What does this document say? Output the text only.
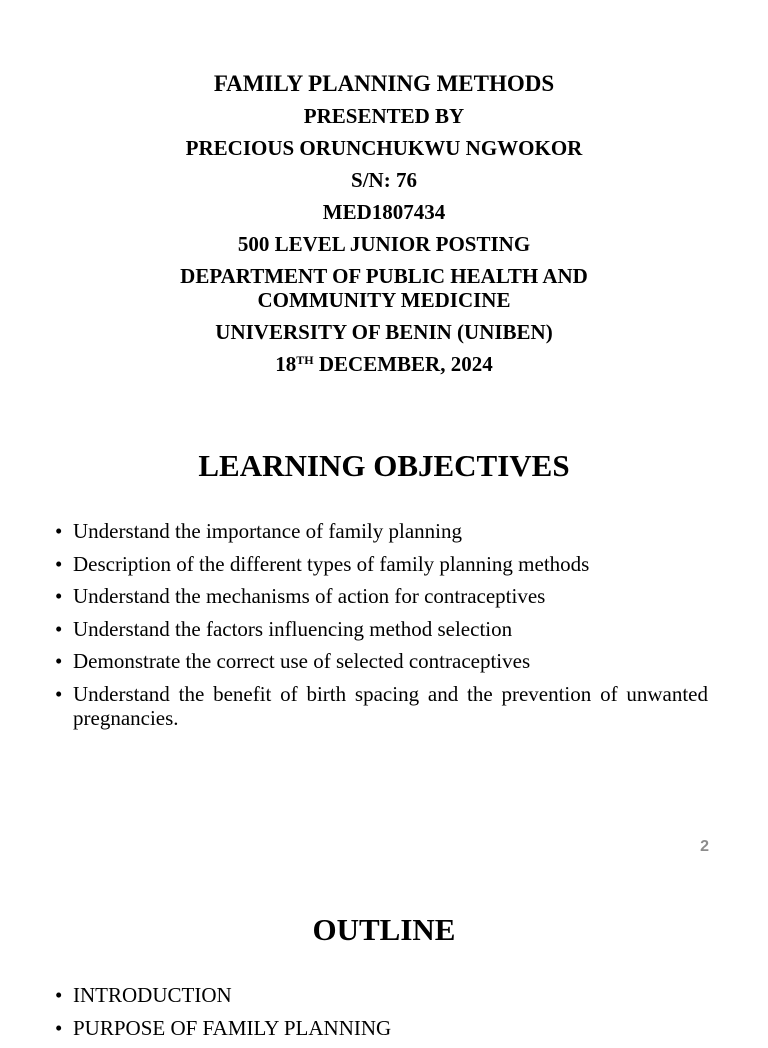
FAMILY PLANNING METHODS
PRESENTED BY
PRECIOUS ORUNCHUKWU NGWOKOR
S/N: 76
MED1807434
500 LEVEL JUNIOR POSTING
DEPARTMENT OF PUBLIC HEALTH AND
COMMUNITY MEDICINE
UNIVERSITY OF BENIN (UNIBEN)
18TH DECEMBER, 2024
LEARNING OBJECTIVES
• Understand the importance of family planning
• Description of the different types of family planning methods
• Understand the mechanisms of action for contraceptives
• Understand the factors influencing method selection
• Demonstrate the correct use of selected contraceptives
• Understand the benefit of birth spacing and the prevention of unwanted pregnancies.
2
OUTLINE
• INTRODUCTION
• PURPOSE OF FAMILY PLANNING
